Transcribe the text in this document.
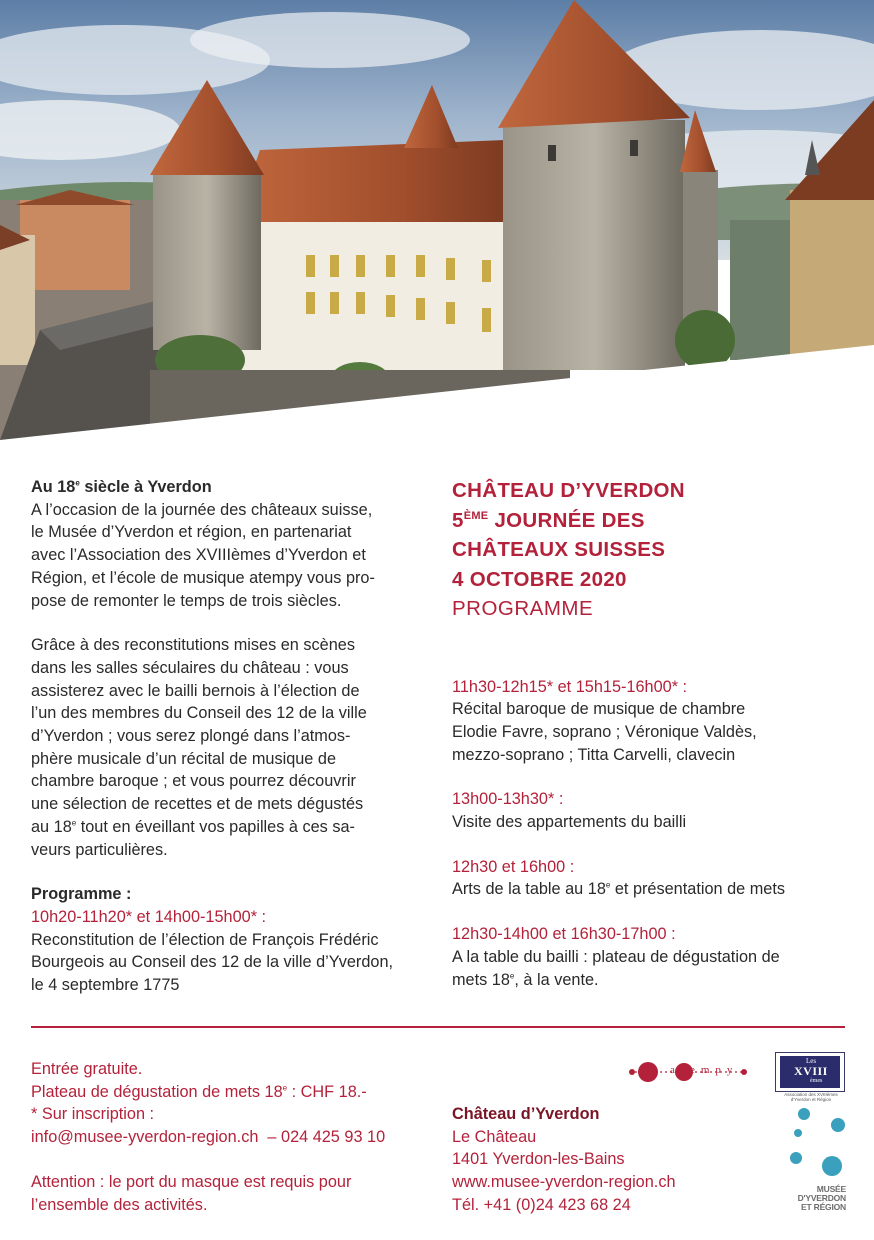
Au 18e siècle à Yverdon
A l’occasion de la journée des châteaux suisse,
le Musée d’Yverdon et région, en partenariat
avec l’Association des XVIIIèmes d’Yverdon et
Région, et l’école de musique atempy vous pro-
pose de remonter le temps de trois siècles.
Grâce à des reconstitutions mises en scènes
dans les salles séculaires du château : vous
assisterez avec le bailli bernois à l’élection de
l’un des membres du Conseil des 12 de la ville
d’Yverdon ; vous serez plongé dans l’atmos-
phère musicale d’un récital de musique de
chambre baroque ; et vous pourrez découvrir
une sélection de recettes et de mets dégustés
au 18e tout en éveillant vos papilles à ces sa-
veurs particulières.
Programme :
10h20-11h20* et 14h00-15h00* :
Reconstitution de l’élection de François Frédéric
Bourgeois au Conseil des 12 de la ville d’Yverdon,
le 4 septembre 1775
CHÂTEAU D’YVERDON
5ÈME JOURNÉE DES
CHÂTEAUX SUISSES
4 OCTOBRE 2020
PROGRAMME
11h30-12h15* et 15h15-16h00* :
Récital baroque de musique de chambre
Elodie Favre, soprano ; Véronique Valdès,
mezzo-soprano ; Titta Carvelli, clavecin
13h00-13h30* :
Visite des appartements du bailli
12h30 et 16h00 :
Arts de la table au 18e et présentation de mets
12h30-14h00 et 16h30-17h00 :
A la table du bailli : plateau de dégustation de
mets 18e, à la vente.
Entrée gratuite.
Plateau de dégustation de mets 18e : CHF 18.-
* Sur inscription :
info@musee-yverdon-region.ch  – 024 425 93 10
Attention : le port du masque est requis pour
l’ensemble des activités.
Château d’Yverdon
Le Château
1401 Yverdon-les-Bains
www.musee-yverdon-region.ch
Tél. +41 (0)24 423 68 24
atempy
Les
XVIII
èmes
Association des XVIIIèmes d'Yverdon et Région
MUSÉE
D'YVERDON
ET RÉGION
